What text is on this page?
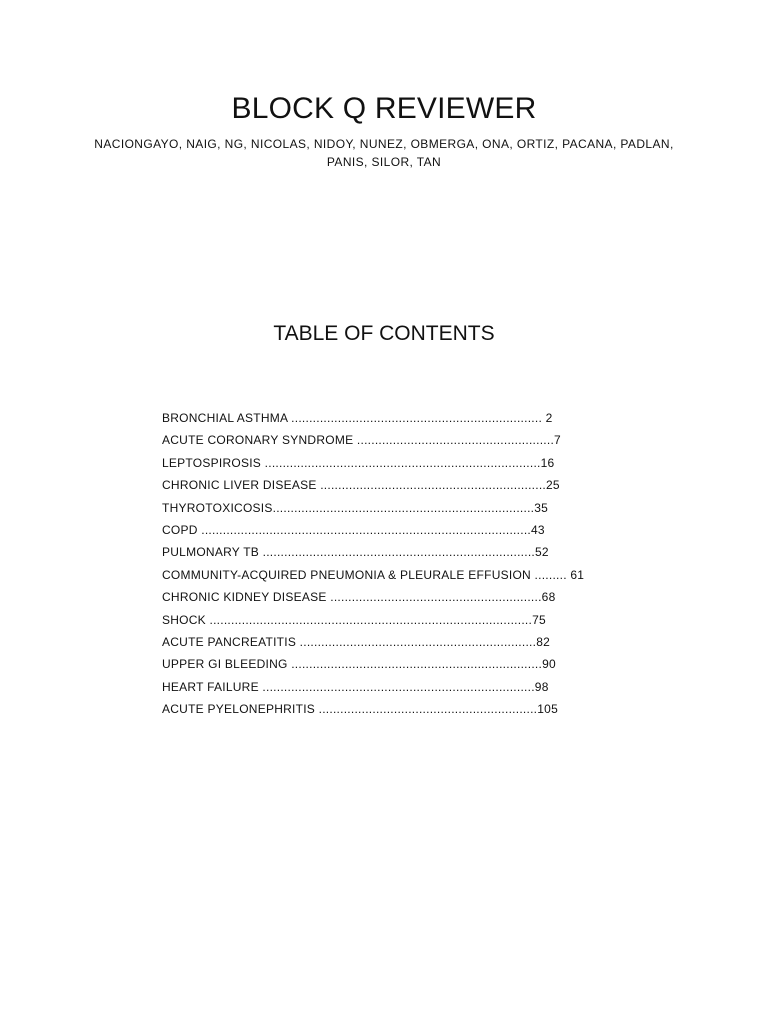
BLOCK Q REVIEWER

NACIONGAYO, NAIG, NG, NICOLAS, NIDOY, NUNEZ, OBMERGA, ONA, ORTIZ, PACANA, PADLAN,
PANIS, SILOR, TAN

TABLE OF CONTENTS
BRONCHIAL ASTHMA ...................................................................... 2
ACUTE CORONARY SYNDROME .......................................................7
LEPTOSPIROSIS .............................................................................16
CHRONIC LIVER DISEASE ...............................................................25
THYROTOXICOSIS.........................................................................35
COPD ............................................................................................43
PULMONARY TB ............................................................................52
COMMUNITY-ACQUIRED PNEUMONIA & PLEURALE EFFUSION ......... 61
CHRONIC KIDNEY DISEASE ...........................................................68
SHOCK ..........................................................................................75
ACUTE PANCREATITIS ..................................................................82
UPPER GI BLEEDING ......................................................................90
HEART FAILURE ............................................................................98
ACUTE PYELONEPHRITIS .............................................................105
